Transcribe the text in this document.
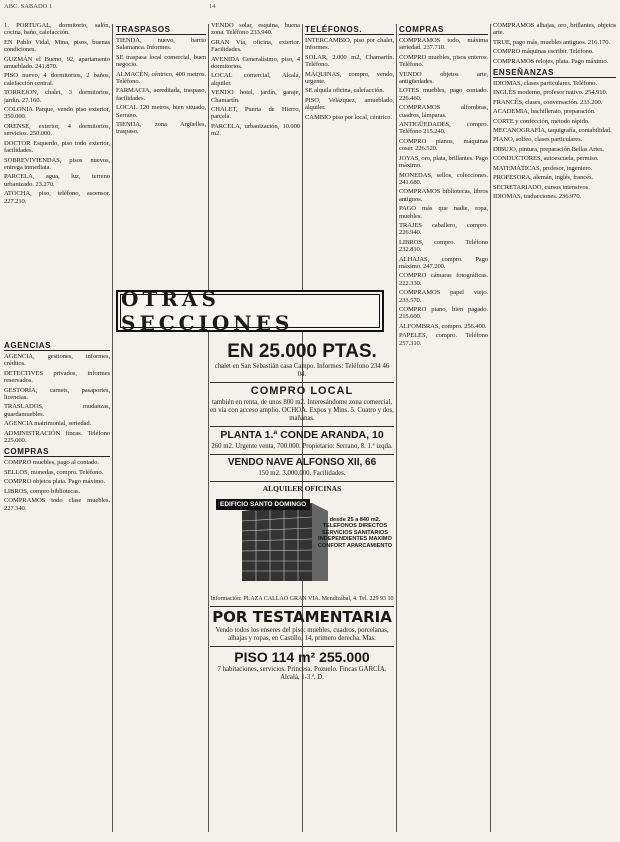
ABC. SABADO 1	14

1. PORTUGAL, dormitorio, salón, cocina, baño, calefacción.

EN Pablo Vidal, Mina, pisos, buenas condiciones.

GUZMÁN el Bueno, 92, apartamento amueblado. 241.870.

PISO nuevo, 4 dormitorios, 2 baños, calefacción central.

TORREJON, chalet, 3 dormitorios, jardín. 27.160.

COLONIA Parque, vendo piso exterior, 350.000.

ORENSE, exterior, 4 dormitorios, servicios. 250.000.

DOCTOR Esquerdo, piso todo exterior, facilidades.

SOBREVIVIENDAS, pisos nuevos, entrega inmediata.

PARCELA, agua, luz, terreno urbanizado. 23.270.

ATOCHA, piso, teléfono, ascensor. 227.210.

TRASPASOS

TIENDA, nuevo, barrio Salamanca. Informes.

SE traspasa local comercial, buen negocio.

ALMACÉN, céntrico, 400 metros. Teléfono.

FARMACIA, acreditada, traspaso, facilidades.

LOCAL 120 metros, bien situado, Serrano.

TIENDA, zona Argüelles, traspaso.

VENDO solar, esquina, buena zona. Teléfono 233.940.

GRAN Vía, oficina, exterior. Facilidades.

AVENIDA Generalísimo, piso, 4 dormitorios.

LOCAL comercial, Alcalá, alquiler.

VENDO hotel, jardín, garaje, Chamartín.

CHALET, Puerta de Hierro, parcela.

PARCELA, urbanización, 10.000 m2.

TELÉFONOS.

INTERCAMBIO, piso por chalet, informes.

SOLAR, 2.000 m2, Chamartín. Teléfono.

MÁQUINAS, compro, vendo, urgente.

SE alquila oficina, calefacción.

PISO, Velázquez, amueblado, alquiler.

CAMBIO piso por local, céntrico.

COMPRAS

COMPRAMOS todo, máxima seriedad. 237.710.

COMPRO muebles, pisos enteros. Teléfono.

VENDO objetos arte, antigüedades.

LOTES muebles, pago contado. 226.460.

COMPRAMOS alfombras, cuadros, lámparas.

ANTIGÜEDADES, compro. Teléfono 215.240.

COMPRO pianos, máquinas coser. 226.520.

JOYAS, oro, plata, brillantes. Pago máximo.

MONEDAS, sellos, colecciones. 241.680.

COMPRAMOS bibliotecas, libros antiguos.

PAGO más que nadie, ropa, muebles.

TRAJES caballero, compro. 226.940.

LIBROS, compro. Teléfono 232.810.

ALHAJAS, compro. Pago máximo. 247.200.

COMPRO cámaras fotográficas. 222.330.

COMPRAMOS papel viejo. 233.570.

COMPRO piano, bien pagado. 215.600.

ALFOMBRAS, compro. 256.400.

PAPELES, compro. Teléfono 257.310.

COMPRAMOS alhajas, oro, brillantes, objetos arte.

TRUE, pago más, muebles antiguos. 216.170.

COMPRO máquinas escribir. Teléfono.

COMPRAMOS relojes, plata. Pago máximo.

ENSEÑANZAS

IDIOMAS, clases particulares. Teléfono.

INGLÉS moderno, profesor nativo. 254.910.

FRANCÉS, clases, conversación. 233.200.

ACADEMIA, bachillerato, preparación.

CORTE y confección, método rápido.

MECANOGRAFÍA, taquigrafía, contabilidad.

PIANO, solfeo, clases particulares.

DIBUJO, pintura, preparación Bellas Artes.

CONDUCTORES, autoescuela, permiso.

MATEMÁTICAS, profesor, ingeniero.

PROFESORA, alemán, inglés, francés.

SECRETARIADO, cursos intensivos.

IDIOMAS, traducciones. 236.970.

OTRAS SECCIONES
AGENCIAS

AGENCIA, gestiones, informes, créditos.

DETECTIVES privados, informes reservados.

GESTORÍA, carnets, pasaportes, licencias.

TRASLADOS, mudanzas, guardamuebles.

AGENCIA matrimonial, seriedad.

ADMINISTRACIÓN fincas. Teléfono 225.060.

COMPRAS

COMPRO muebles, pago al contado.

SELLOS, monedas, compro. Teléfono.

COMPRO objetos plata. Pago máximo.

LIBROS, compro bibliotecas.

COMPRAMOS todo clase muebles. 227.340.

EN 25.000 PTAS.
chalet en San Sebastián casa Campo. Informes: Teléfono 234 46 04.
COMPRO LOCAL
también en renta, de unos 800 m2. Interesándome zona comercial, en vía con acceso amplio. OCHOA. Expos y Mins. 5. Cuatro y dos, mañanas.
PLANTA 1.ª CONDE ARANDA, 10
260 m2. Urgente venta, 700.000. Propietario: Serrano, 8. 1.ª izqda.
VENDO NAVE ALFONSO XII, 66
150 m2. 3.000.000. Facilidades.
ALQUILER OFICINAS
EDIFICIO SANTO DOMINGO
desde 25 a 840 m2. TELEFONOS DIRECTOS SERVICIOS SANITARIOS INDEPENDIENTES MAXIMO CONFORT APARCAMIENTO
Información: PLAZA CALLAO GRAN VIA. Mendizábal, 4. Tel. 229 93 10
POR TESTAMENTARIA
Vendo todos los enseres del piso: muebles, cuadros, porcelanas, alhajas y ropas, en Castillo, 14, primero derecha. Mas.
PISO 114 m² 255.000
7 habitaciones, servicios. Princesa. Pozuelo. Fincas GARCÍA. Alcalá, 1-3.ª, D.
